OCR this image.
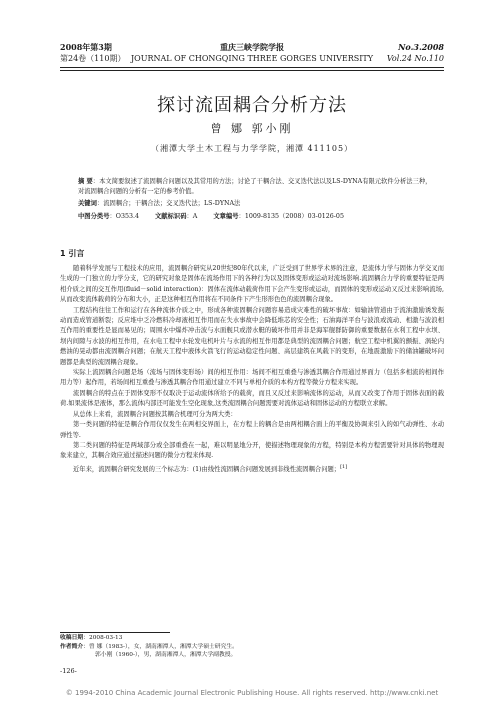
2008年第3期	重庆三峡学院学报	No.3.2008
第24卷（110期） JOURNAL OF CHONGQING THREE GORGES UNIVERSITY	Vol.24 No.110
探讨流固耦合分析方法
曾 娜 郭小刚
（湘潭大学土木工程与力学学院，湘潭 411105）
摘 要：本文简要叙述了流固耦合问题以及其常用的方法；讨论了干耦合法、交叉迭代法以及LS-DYNA有限元软件分析法三种，对流固耦合问题的分析有一定的参考价值。
关键词：流固耦合；干耦合法；交叉迭代法；LS-DYNA法
中图分类号：O353.4	文献标识码：A	文章编号：1009-8135（2008）03-0126-05
1 引言

随着科学发展与工程技术的应用，流固耦合研究从20世纪80年代以来，广泛受到了世界学术界的注意，是流体力学与固体力学交叉而生成的一门独立的力学分支，它的研究对象是固体在流场作用下的各种行为以及固体变形或运动对流场影响.流固耦合力学的重要特征是两相介质之间的交互作用(fluid－solid interaction)：固体在流体动载荷作用下会产生变形或运动，而固体的变形或运动又反过来影响流场,从而改变流体载荷的分布和大小，正是这种相互作用将在不同条件下产生形形色色的流固耦合现象。

工程结构往往工作和运行在各种流体介质之中，形成各种流固耦合问题容易造成灾难性的破坏事故：如输油管道由于流油激励诱发振动而造成管道断裂；反应堆中乏冷燃料冷却液相互作用而在失水事故中会降低堆芯的安全性；石油海洋平台与波浪或流动、相激与波浪相互作用的重要性是显而易见的；周围水中爆炸冲击波与水面舰只或潜水艇的破坏作用并非是海军舰群防御的重要数据在水利工程中水坝、坝内间隙与水波的相互作用，在水电工程中水轮发电机叶片与水流的相互作用都是典型的流固耦合问题；航空工程中机翼的颤振、涡轮内燃油的晃动都由流固耦合问题；在航天工程中液体火箭飞行的运动稳定性问题、高层建筑在风载下的变形，在地震激励下的储油罐破坏问题都是典型的流固耦合现象。

实际上流固耦合问题是场（流场与固体变形场）间的相互作用：场间不相互重叠与渗透其耦合作用通过界面力（包括多相流的相间作用力等）起作用，若场间相互重叠与渗透其耦合作用通过建立不同与单相介质的本构方程等微分方程来实现。

流固耦合的特点在于固体变形不仅取决于运动流体所给予的载荷，而且又反过来影响流体的运动，从而又改变了作用于固体表面的载荷.如果流体是液体，那么流体内部还可能发生空化现象,这类流固耦合问题需要对流体运动和固体运动的方程联立求解。

从总体上来看，流固耦合问题按其耦合机理可分为两大类：

第一类问题的特征是耦合作用仅仅发生在两相交界面上，在方程上的耦合是由两相耦合面上的平衡及协调来引入的如气动弹性、水动弹性等.

第二类问题的特征是两域部分或全部重叠在一起，难以明显地分开，使描述物理现象的方程，特别是本构方程需要针对具体的物理现象来建立，其耦合效应通过描述问题的微分方程来体现.

近年来，流固耦合研究发展的三个标志为：(1)由线性流固耦合问题发展到非线性流固耦合问题；[1]

收稿日期：2008-03-13
作者简介：曾 娜（1983-），女，湖南湘潭人，湘潭大学硕士研究生。
郭小刚（1960-），男，湖南湘潭人，湘潭大学副教授。
-126-
© 1994-2010 China Academic Journal Electronic Publishing House. All rights reserved. http://www.cnki.net
